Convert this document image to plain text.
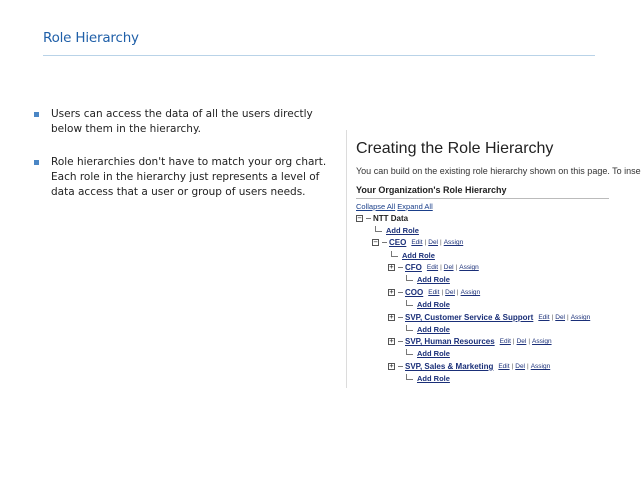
Role Hierarchy
Users can access the data of all the users directly below them in the hierarchy.
Role hierarchies don't have to match your org chart. Each role in the hierarchy just represents a level of data access that a user or group of users needs.
Creating the Role Hierarchy
You can build on the existing role hierarchy shown on this page. To inse
Your Organization's Role Hierarchy
Collapse All Expand All
− NTT Data
Add Role
− CEO Edit | Del | Assign
Add Role
+ CFO Edit | Del | Assign
Add Role
+ COO Edit | Del | Assign
Add Role
+ SVP, Customer Service & Support Edit | Del | Assign
Add Role
+ SVP, Human Resources Edit | Del | Assign
Add Role
+ SVP, Sales & Marketing Edit | Del | Assign
Add Role
